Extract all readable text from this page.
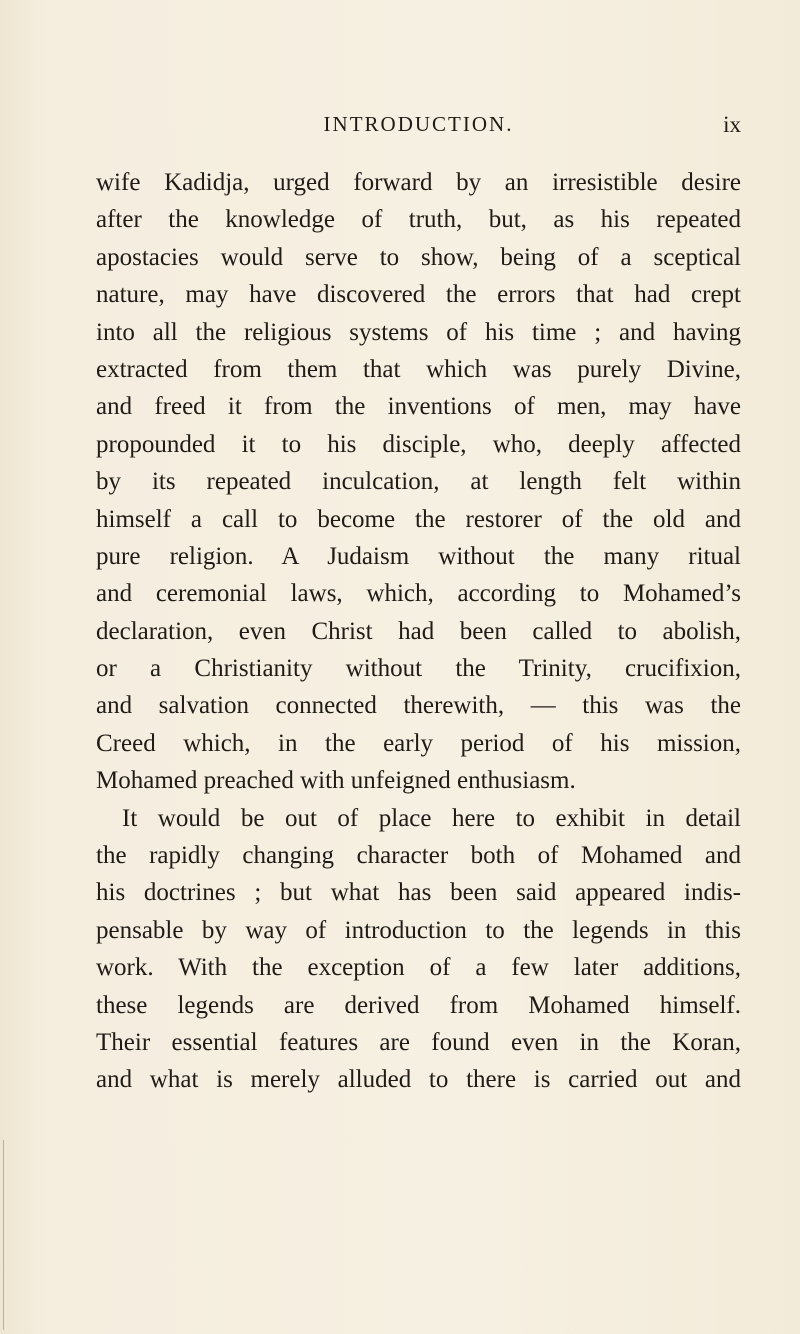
INTRODUCTION.	ix
wife Kadidja, urged forward by an irresistible desire
after the knowledge of truth, but, as his repeated
apostacies would serve to show, being of a sceptical
nature, may have discovered the errors that had crept
into all the religious systems of his time ; and having
extracted from them that which was purely Divine,
and freed it from the inventions of men, may have
propounded it to his disciple, who, deeply affected
by its repeated inculcation, at length felt within
himself a call to become the restorer of the old and
pure religion. A Judaism without the many ritual
and ceremonial laws, which, according to Mohamed’s
declaration, even Christ had been called to abolish,
or a Christianity without the Trinity, crucifixion,
and salvation connected therewith, — this was the
Creed which, in the early period of his mission,
Mohamed preached with unfeigned enthusiasm.
It would be out of place here to exhibit in detail
the rapidly changing character both of Mohamed and
his doctrines ; but what has been said appeared indis-
pensable by way of introduction to the legends in this
work. With the exception of a few later additions,
these legends are derived from Mohamed himself.
Their essential features are found even in the Koran,
and what is merely alluded to there is carried out and
